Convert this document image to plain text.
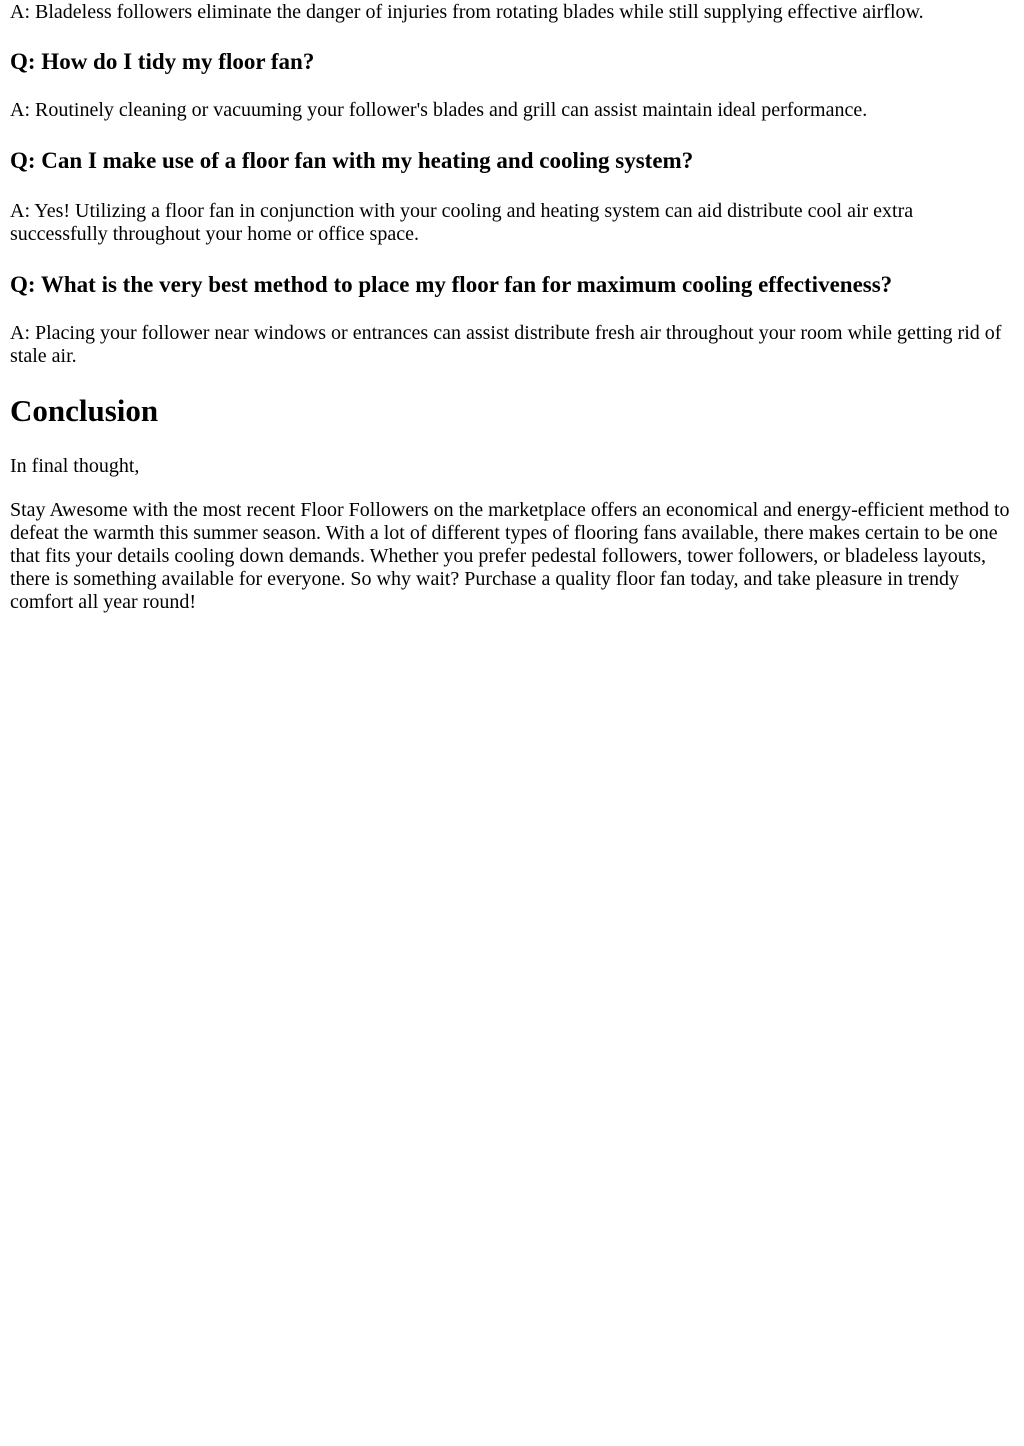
A: Bladeless followers eliminate the danger of injuries from rotating blades while still supplying effective airflow.

Q: How do I tidy my floor fan?

A: Routinely cleaning or vacuuming your follower's blades and grill can assist maintain ideal performance.

Q: Can I make use of a floor fan with my heating and cooling system?

A: Yes! Utilizing a floor fan in conjunction with your cooling and heating system can aid distribute cool air extra successfully throughout your home or office space.

Q: What is the very best method to place my floor fan for maximum cooling effectiveness?

A: Placing your follower near windows or entrances can assist distribute fresh air throughout your room while getting rid of stale air.

Conclusion

In final thought,

Stay Awesome with the most recent Floor Followers on the marketplace offers an economical and energy-efficient method to defeat the warmth this summer season. With a lot of different types of flooring fans available, there makes certain to be one that fits your details cooling down demands. Whether you prefer pedestal followers, tower followers, or bladeless layouts, there is something available for everyone. So why wait? Purchase a quality floor fan today, and take pleasure in trendy comfort all year round!
